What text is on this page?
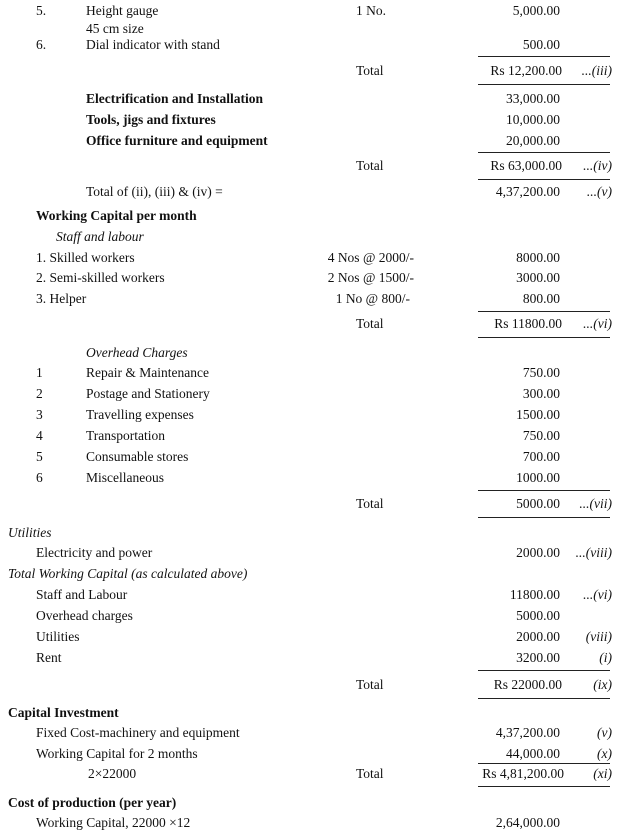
5.	Height gauge	1 No.	5,000.00
45 cm size
6.	Dial indicator with stand	500.00
Total	Rs 12,200.00	...(iii)
Electrification and Installation	33,000.00
Tools, jigs and fixtures	10,000.00
Office furniture and equipment	20,000.00
Total	Rs 63,000.00	...(iv)
Total of (ii), (iii) & (iv) =	4,37,200.00	...(v)
Working Capital per month
Staff and labour
1. Skilled workers	4 Nos @ 2000/-	8000.00
2. Semi-skilled workers	2 Nos @ 1500/-	3000.00
3. Helper	1 No @ 800/-	800.00
Total	Rs 11800.00	...(vi)
Overhead Charges
1	Repair & Maintenance	750.00
2	Postage and Stationery	300.00
3	Travelling expenses	1500.00
4	Transportation	750.00
5	Consumable stores	700.00
6	Miscellaneous	1000.00
Total	5000.00	...(vii)
Utilities
Electricity and power	2000.00 ...(viii)
Total Working Capital (as calculated above)
Staff and Labour	11800.00	...(vi)
Overhead charges	5000.00
Utilities	2000.00	(viii)
Rent	3200.00	(i)
Total	Rs 22000.00	(ix)
Capital Investment
Fixed Cost-machinery and equipment	4,37,200.00	(v)
Working Capital for 2 months	44,000.00	(x)
2×22000	Total	Rs 4,81,200.00	(xi)
Cost of production (per year)
Working Capital, 22000 ×12	2,64,000.00
